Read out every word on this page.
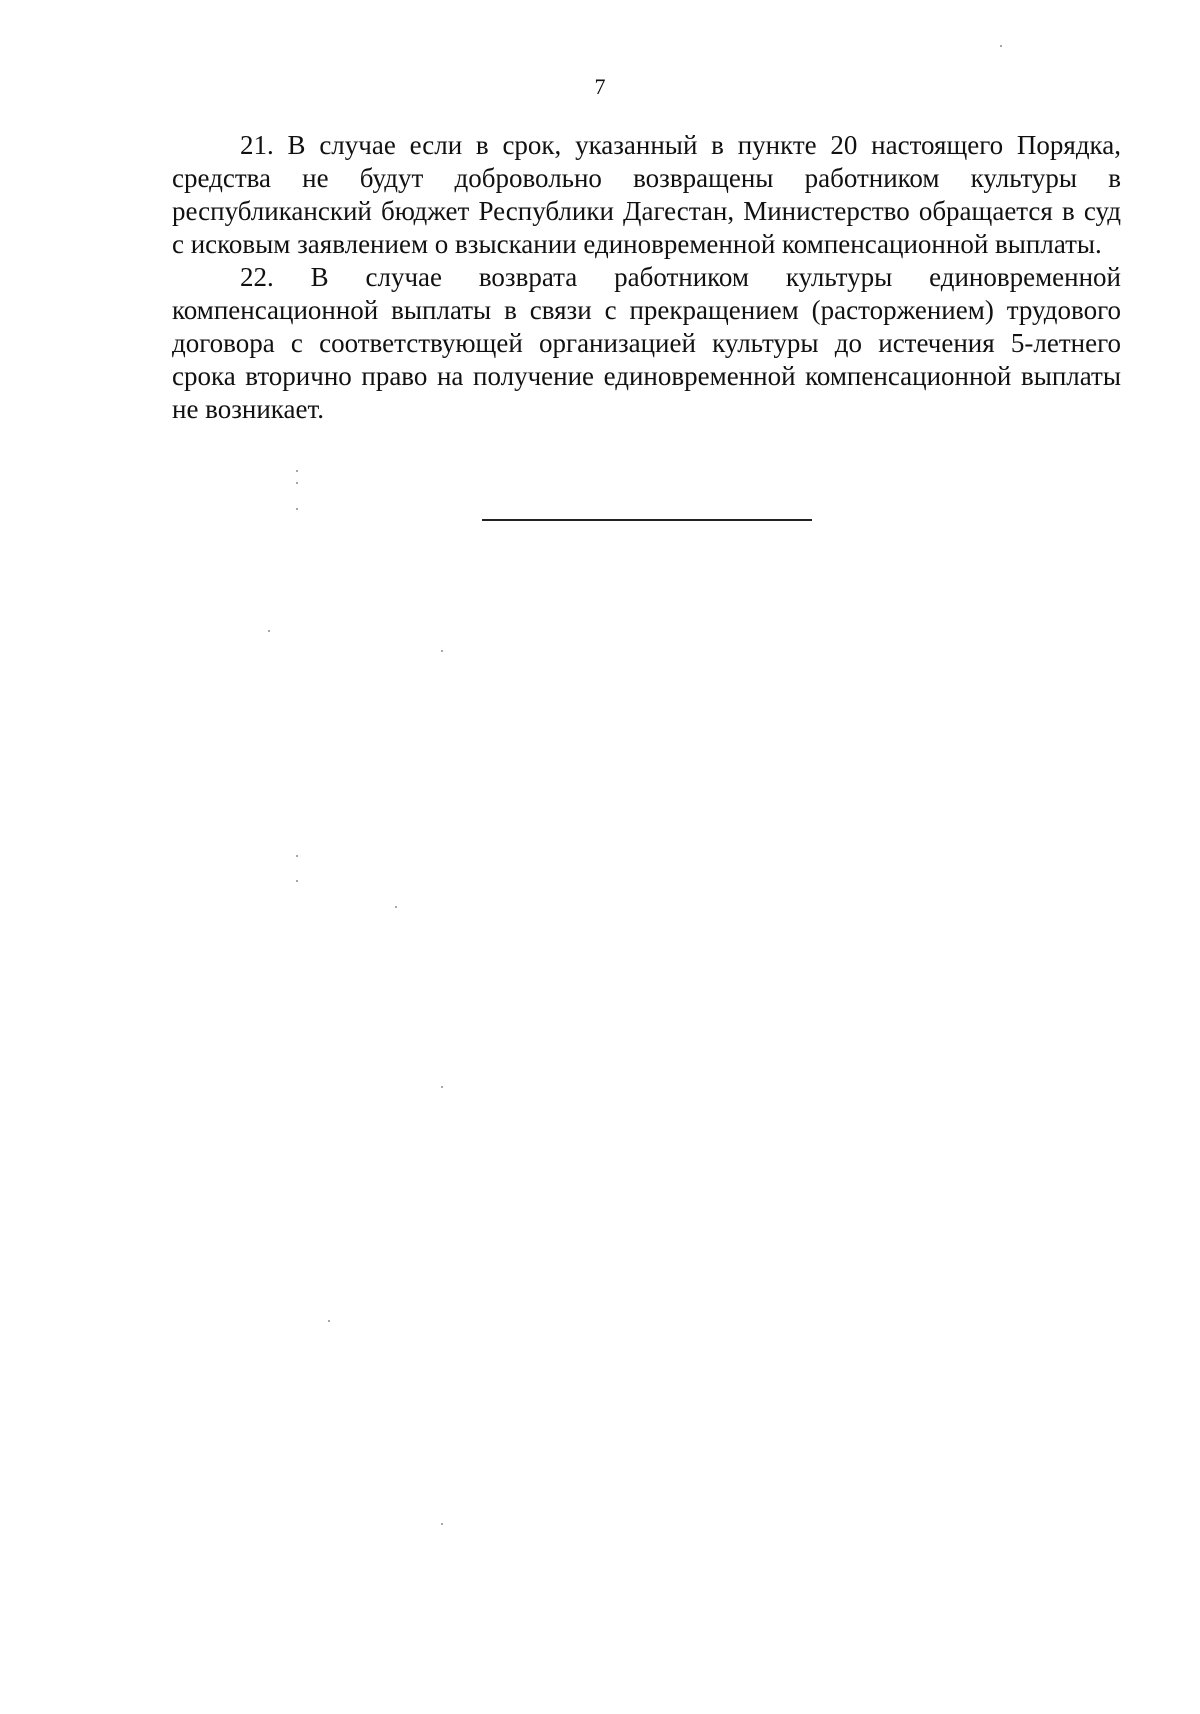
7

21. В случае если в срок, указанный в пункте 20 настоящего Порядка, средства не будут добровольно возвращены работником культуры в республиканский бюджет Республики Дагестан, Министерство обращается в суд с исковым заявлением о взыскании единовременной компенсационной выплаты.

22. В случае возврата работником культуры единовременной компенсационной выплаты в связи с прекращением (расторжением) трудового договора с соответствующей организацией культуры до истечения 5-летнего срока вторично право на получение единовременной компенсационной выплаты не возникает.
